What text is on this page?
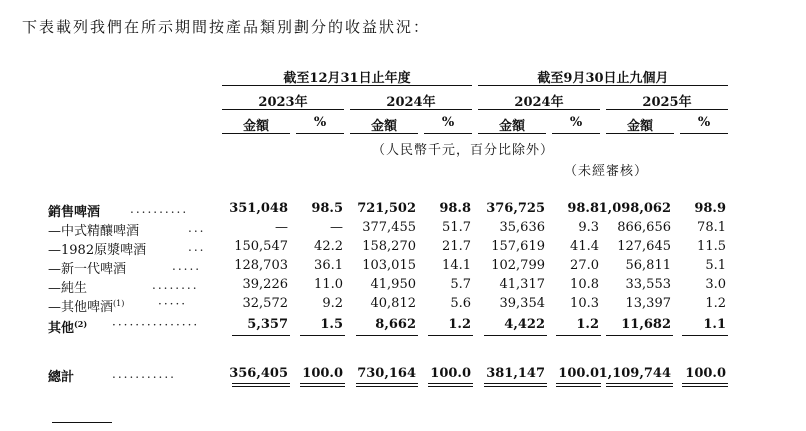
下表載列我們在所示期間按產品類別劃分的收益狀況：
截至12月31日止年度	截至9月30日止九個月
2023年	2024年	2024年	2025年
金額	%	金額	%	金額	%	金額	%
（人民幣千元，百分比除外）
（未經審核）
銷售啤酒 ..........	351,048 98.5 721,502 98.8 376,725 98.8 1,098,062 98.9
—中式精釀啤酒	...	—	— 377,455 51.7 35,636	9.3 866,656 78.1
—1982原漿啤酒	... 150,547 42.2 158,270 21.7 157,619 41.4 127,645 11.5
—新一代啤酒	.....	128,703 36.1 103,015 14.1 102,799 27.0 56,811	5.1
—純生	........	39,226 11.0 41,950	5.7 41,317 10.8 33,553	3.0
—其他啤酒$^{(1)}$	·····	32,572	9.2 40,812	5.6 39,354 10.3 13,397	1.2
其他$^{(2)}$ ···············	5,357 1.5 8,662 1.2	4,422 1.2 11,682 1.1
總計	...........	356,405 100.0 730,164 100.0 381,147 100.0 1,109,744 100.0
